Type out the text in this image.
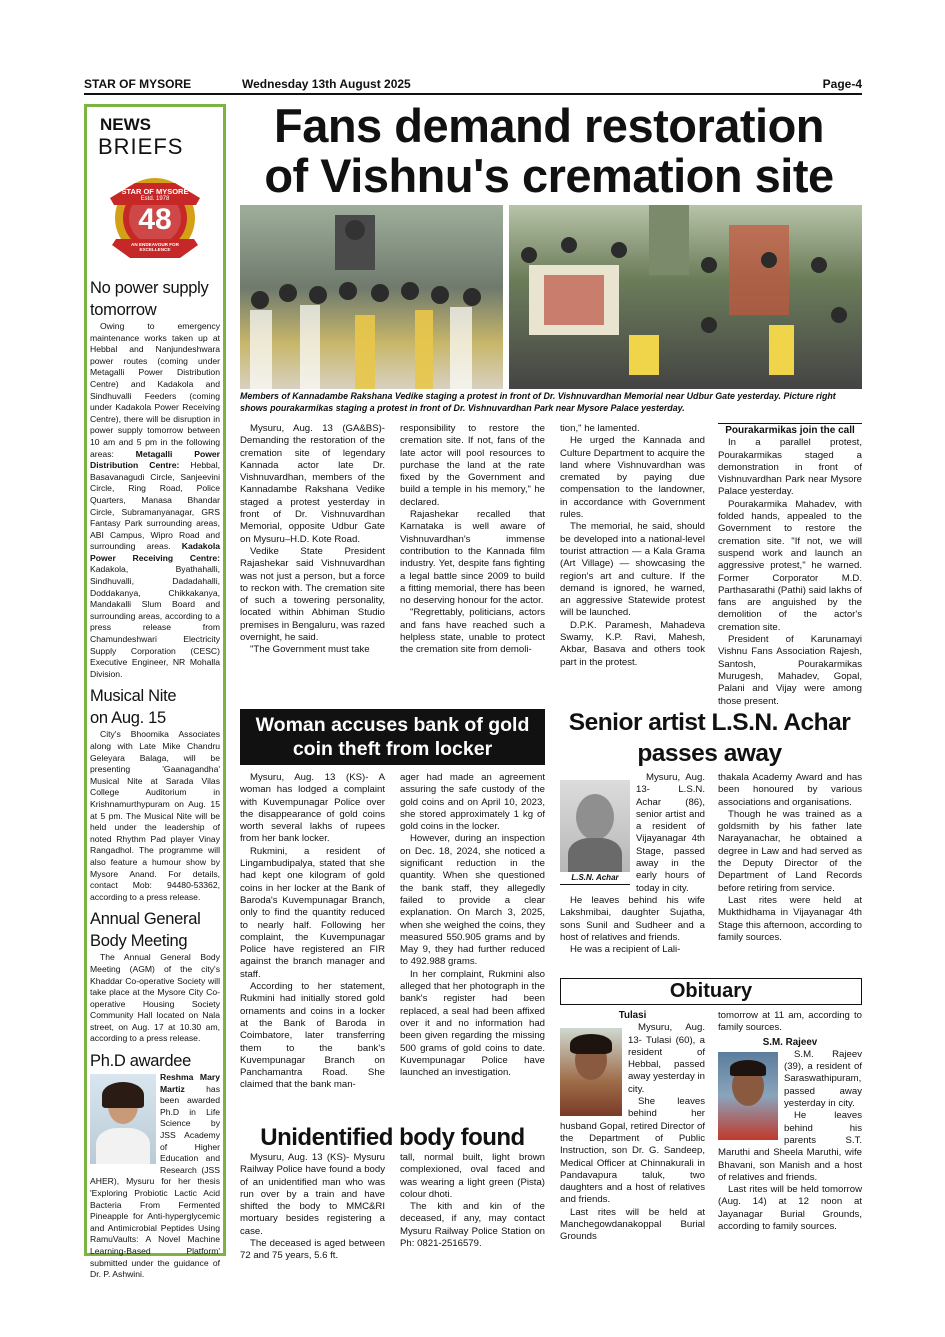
STAR OF MYSORE	Wednesday 13th August 2025	Page-4
NEWS
BRIEFS
STAR OF MYSORE
Estd. 1978
48
AN ENDEAVOUR FOR EXCELLENCE
No power supply
tomorrow

Owing to emergency maintenance works taken up at Hebbal and Nanjundeshwara power routes (coming under Metagalli Power Distribution Centre) and Kadakola and Sindhuvalli Feeders (coming under Kadakola Power Receiving Centre), there will be disruption in power supply tomorrow between 10 am and 5 pm in the following areas:	Metagalli Power Distribution Centre: Hebbal, Basavanagudi Circle, Sanjeevini Circle, Ring Road, Police Quarters, Manasa Bhandar Circle, Subramanyanagar, GRS Fantasy Park surrounding areas, ABI Campus, Wipro Road and surrounding areas. Kadakola Power Receiving Centre: Kadakola, Byathahalli, Sindhuvalli, Dadadahalli, Doddakanya, Chikkakanya, Mandakalli Slum Board and surrounding areas, according to a press release from Chamundeshwari Electricity Supply Corporation (CESC) Executive Engineer, NR Mohalla Division.

Musical Nite
on Aug. 15

City's Bhoomika Associates along with Late Mike Chandru Geleyara Balaga, will be presenting 'Gaanagandha' Musical Nite at Sarada Vilas College Auditorium in Krishnamurthypuram on Aug. 15 at 5 pm. The Musical Nite will be held under the leadership of noted Rhythm Pad player Vinay Rangadhol. The programme will also feature a humour show by Mysore Anand. For details, contact Mob: 94480-53362, according to a press release.

Annual General
Body Meeting

The Annual General Body Meeting (AGM) of the city's Khaddar Co-operative Society will take place at the Mysore City Co-operative Housing Society Community Hall located on Nala street, on Aug. 17 at 10.30 am, according to a press release.

Ph.D awardee
Reshma Mary Martiz has been awarded Ph.D in Life Science by JSS Academy of Higher Education and Research (JSS AHER), Mysuru for her thesis 'Exploring Probiotic Lactic Acid Bacteria From Fermented Pineapple for Anti-hyperglycemic and Antimicrobial Peptides Using RamuVaults: A Novel Machine Learning-Based Platform' submitted under the guidance of Dr. P. Ashwini.
Fans demand restoration
of Vishnu's cremation site
Members of Kannadambe Rakshana Vedike staging a protest in front of Dr. Vishnuvardhan Memorial near Udbur Gate yesterday. Picture right shows pourakarmikas staging a protest in front of Dr. Vishnuvardhan Park near Mysore Palace yesterday.

Mysuru, Aug. 13 (GA&BS)- Demanding the restoration of the cremation site of legendary Kannada actor late Dr. Vishnuvardhan, members of the Kannadambe Rakshana Vedike staged a protest yesterday in front of Dr. Vishnuvardhan Memorial, opposite Udbur Gate on Mysuru–H.D. Kote Road.

Vedike State President Rajashekar said Vishnuvardhan was not just a person, but a force to reckon with. The cremation site of such a towering personality, located within Abhiman Studio premises in Bengaluru, was razed overnight, he said.

"The Government must take

responsibility to restore the cremation site. If not, fans of the late actor will pool resources to purchase the land at the rate fixed by the Government and build a temple in his memory," he declared.

Rajashekar recalled that Karnataka is well aware of Vishnuvardhan's immense contribution to the Kannada film industry. Yet, despite fans fighting a legal battle since 2009 to build a fitting memorial, there has been no deserving honour for the actor.

"Regrettably, politicians, actors and fans have reached such a helpless state, unable to protect the cremation site from demoli-

tion," he lamented.

He urged the Kannada and Culture Department to acquire the land where Vishnuvardhan was cremated by paying due compensation to the landowner, in accordance with Government rules.

The memorial, he said, should be developed into a national-level tourist attraction — a Kala Grama (Art Village) — showcasing the region's art and culture. If the demand is ignored, he warned, an aggressive Statewide protest will be launched.

D.P.K. Paramesh, Mahadeva Swamy, K.P. Ravi, Mahesh, Akbar, Basava and others took part in the protest.

Pourakarmikas join the call

In a parallel protest, Pourakarmikas staged a demonstration in front of Vishnuvardhan Park near Mysore Palace yesterday.

Pourakarmika Mahadev, with folded hands, appealed to the Government to restore the cremation site. "If not, we will suspend work and launch an aggressive protest," he warned. Former Corporator M.D. Parthasarathi (Pathi) said lakhs of fans are anguished by the demolition of the actor's cremation site.

President of Karunamayi Vishnu Fans Association Rajesh, Santosh, Pourakarmikas Murugesh, Mahadev, Gopal, Palani and Vijay were among those present.

Woman accuses bank of gold
coin theft from locker

Mysuru, Aug. 13 (KS)- A woman has lodged a complaint with Kuvempunagar Police over the disappearance of gold coins worth several lakhs of rupees from her bank locker.

Rukmini, a resident of Lingambudipalya, stated that she had kept one kilogram of gold coins in her locker at the Bank of Baroda's Kuvempunagar Branch, only to find the quantity reduced to nearly half. Following her complaint, the Kuvempunagar Police have registered an FIR against the branch manager and staff.

According to her statement, Rukmini had initially stored gold ornaments and coins in a locker at the Bank of Baroda in Coimbatore, later transferring them to the bank's Kuvempunagar Branch on Panchamantra Road. She claimed that the bank man-

ager had made an agreement assuring the safe custody of the gold coins and on April 10, 2023, she stored approximately 1 kg of gold coins in the locker.

However, during an inspection on Dec. 18, 2024, she noticed a significant reduction in the quantity. When she questioned the bank staff, they allegedly failed to provide a clear explanation. On March 3, 2025, when she weighed the coins, they measured 550.905 grams and by May 9, they had further reduced to 492.988 grams.

In her complaint, Rukmini also alleged that her photograph in the bank's register had been replaced, a seal had been affixed over it and no information had been given regarding the missing 500 grams of gold coins to date. Kuvempunagar Police have launched an investigation.

Unidentified body found

Mysuru, Aug. 13 (KS)- Mysuru Railway Police have found a body of an unidentified man who was run over by a train and have shifted the body to MMC&RI mortuary besides registering a case.

The deceased is aged between 72 and 75 years, 5.6 ft.

tall, normal built, light brown complexioned, oval faced and was wearing a light green (Pista) colour dhoti.

The kith and kin of the deceased, if any, may contact Mysuru Railway Police Station on Ph: 0821-2516579.

Senior artist L.S.N. Achar
passes away
L.S.N. Achar

Mysuru, Aug. 13- L.S.N. Achar (86), senior artist and a resident of Vijayanagar 4th Stage, passed away in the early hours of today in city.

He leaves behind his wife Lakshmibai, daughter Sujatha, sons Sunil and Sudheer and a host of relatives and friends.

He was a recipient of Lali-

thakala Academy Award and has been honoured by various associations and organisations.

Though he was trained as a goldsmith by his father late Narayanachar, he obtained a degree in Law and had served as the Deputy Director of the Department of Land Records before retiring from service.

Last rites were held at Mukthidhama in Vijayanagar 4th Stage this afternoon, according to family sources.

Obituary
Tulasi

Mysuru, Aug. 13- Tulasi (60), a resident of Hebbal, passed away yesterday in city.

She leaves behind her husband Gopal, retired Director of the Department of Public Instruction, son Dr. G. Sandeep, Medical Officer at Chinnakurali in Pandavapura taluk, two daughters and a host of relatives and friends.

Last rites will be held at Manchegowdanakoppal Burial Grounds

tomorrow at 11 am, according to family sources.

S.M. Rajeev

S.M. Rajeev (39), a resident of Saraswathipuram, passed away yesterday in city.

He leaves behind his parents S.T. Maruthi and Sheela Maruthi, wife Bhavani, son Manish and a host of relatives and friends.

Last rites will be held tomorrow (Aug. 14) at 12 noon at Jayanagar Burial Grounds, according to family sources.
